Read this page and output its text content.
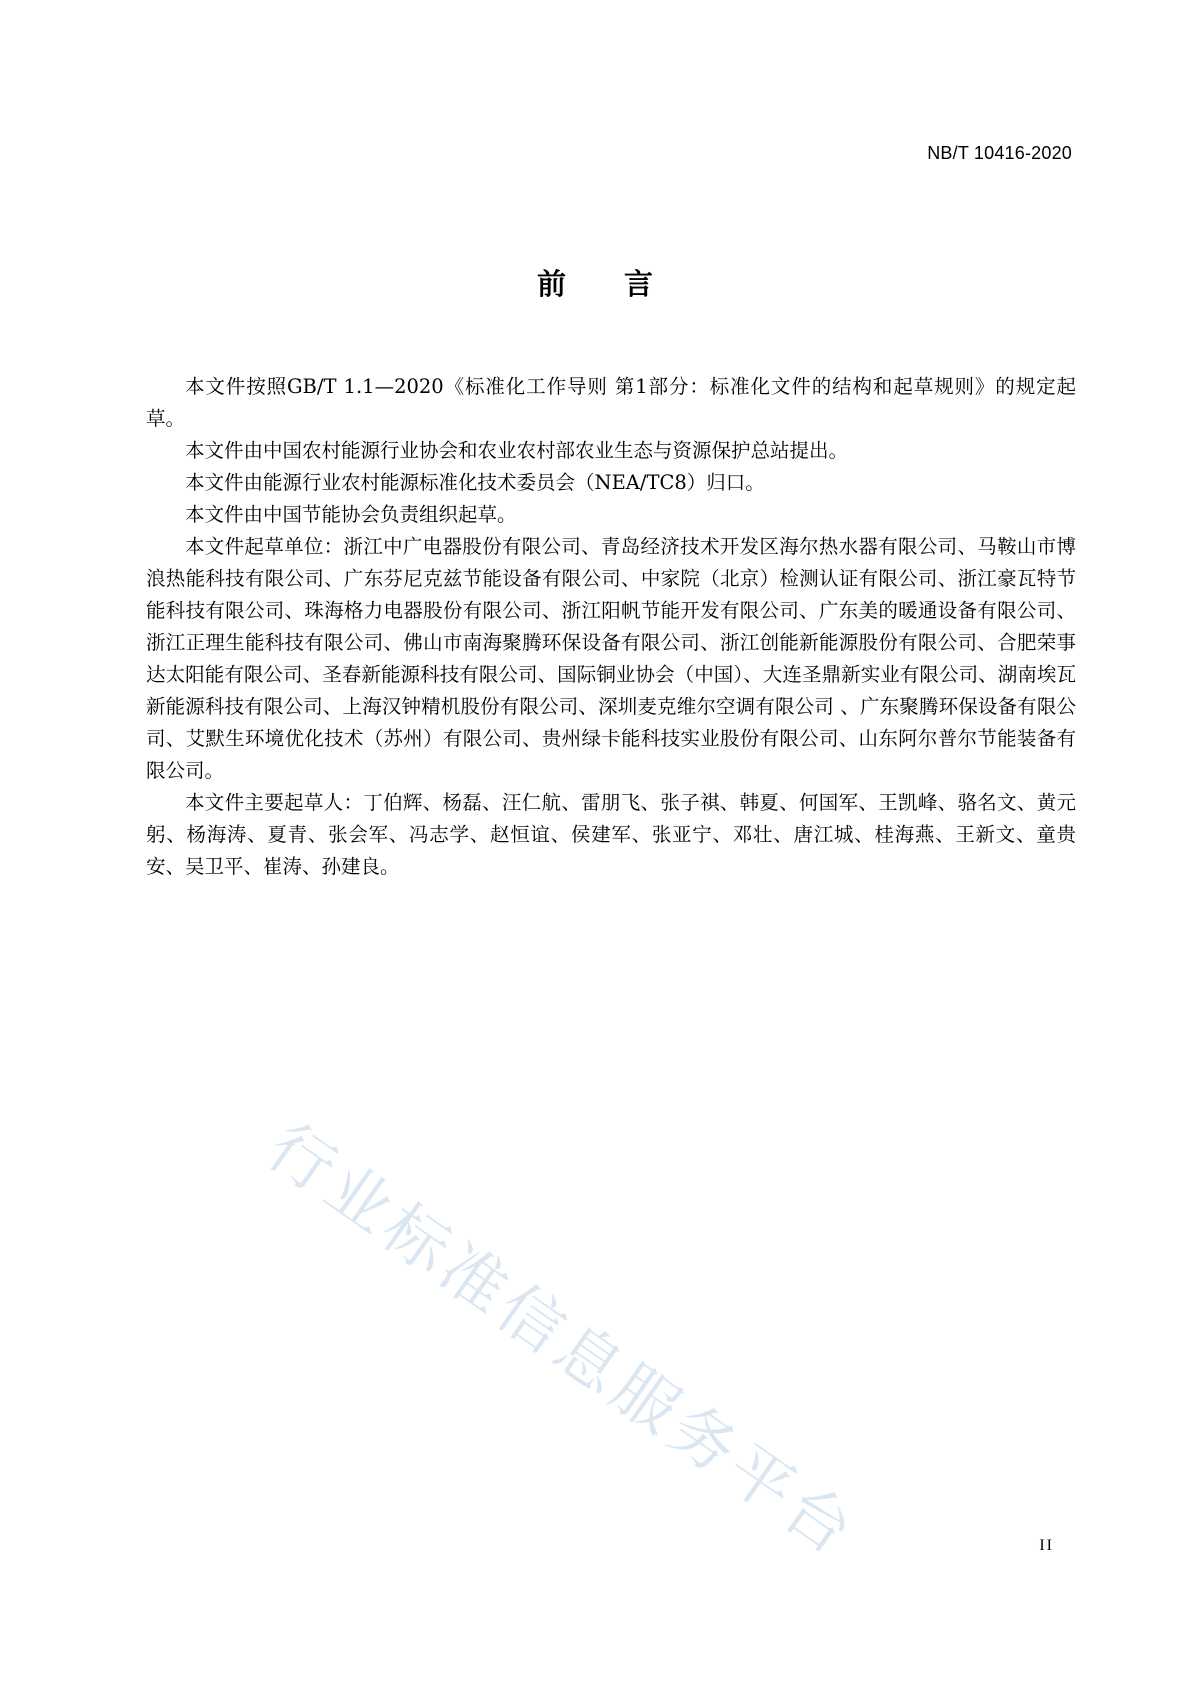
NB/T 10416-2020
前言

本文件按照GB/T 1.1—2020《标准化工作导则 第1部分：标准化文件的结构和起草规则》的规定起草。

本文件由中国农村能源行业协会和农业农村部农业生态与资源保护总站提出。

本文件由能源行业农村能源标准化技术委员会（NEA/TC8）归口。

本文件由中国节能协会负责组织起草。

本文件起草单位：浙江中广电器股份有限公司、青岛经济技术开发区海尔热水器有限公司、马鞍山市博浪热能科技有限公司、广东芬尼克兹节能设备有限公司、中家院（北京）检测认证有限公司、浙江豪瓦特节能科技有限公司、珠海格力电器股份有限公司、浙江阳帆节能开发有限公司、广东美的暖通设备有限公司、浙江正理生能科技有限公司、佛山市南海聚腾环保设备有限公司、浙江创能新能源股份有限公司、合肥荣事达太阳能有限公司、圣春新能源科技有限公司、国际铜业协会（中国）、大连圣鼎新实业有限公司、湖南埃瓦新能源科技有限公司、上海汉钟精机股份有限公司、深圳麦克维尔空调有限公司 、广东聚腾环保设备有限公司、艾默生环境优化技术（苏州）有限公司、贵州绿卡能科技实业股份有限公司、山东阿尔普尔节能装备有限公司。

本文件主要起草人：丁伯辉、杨磊、汪仁航、雷朋飞、张子祺、韩夏、何国军、王凯峰、骆名文、黄元躬、杨海涛、夏青、张会军、冯志学、赵恒谊、侯建军、张亚宁、邓壮、唐江城、桂海燕、王新文、童贵安、吴卫平、崔涛、孙建良。

行业标准信息服务平台	II
